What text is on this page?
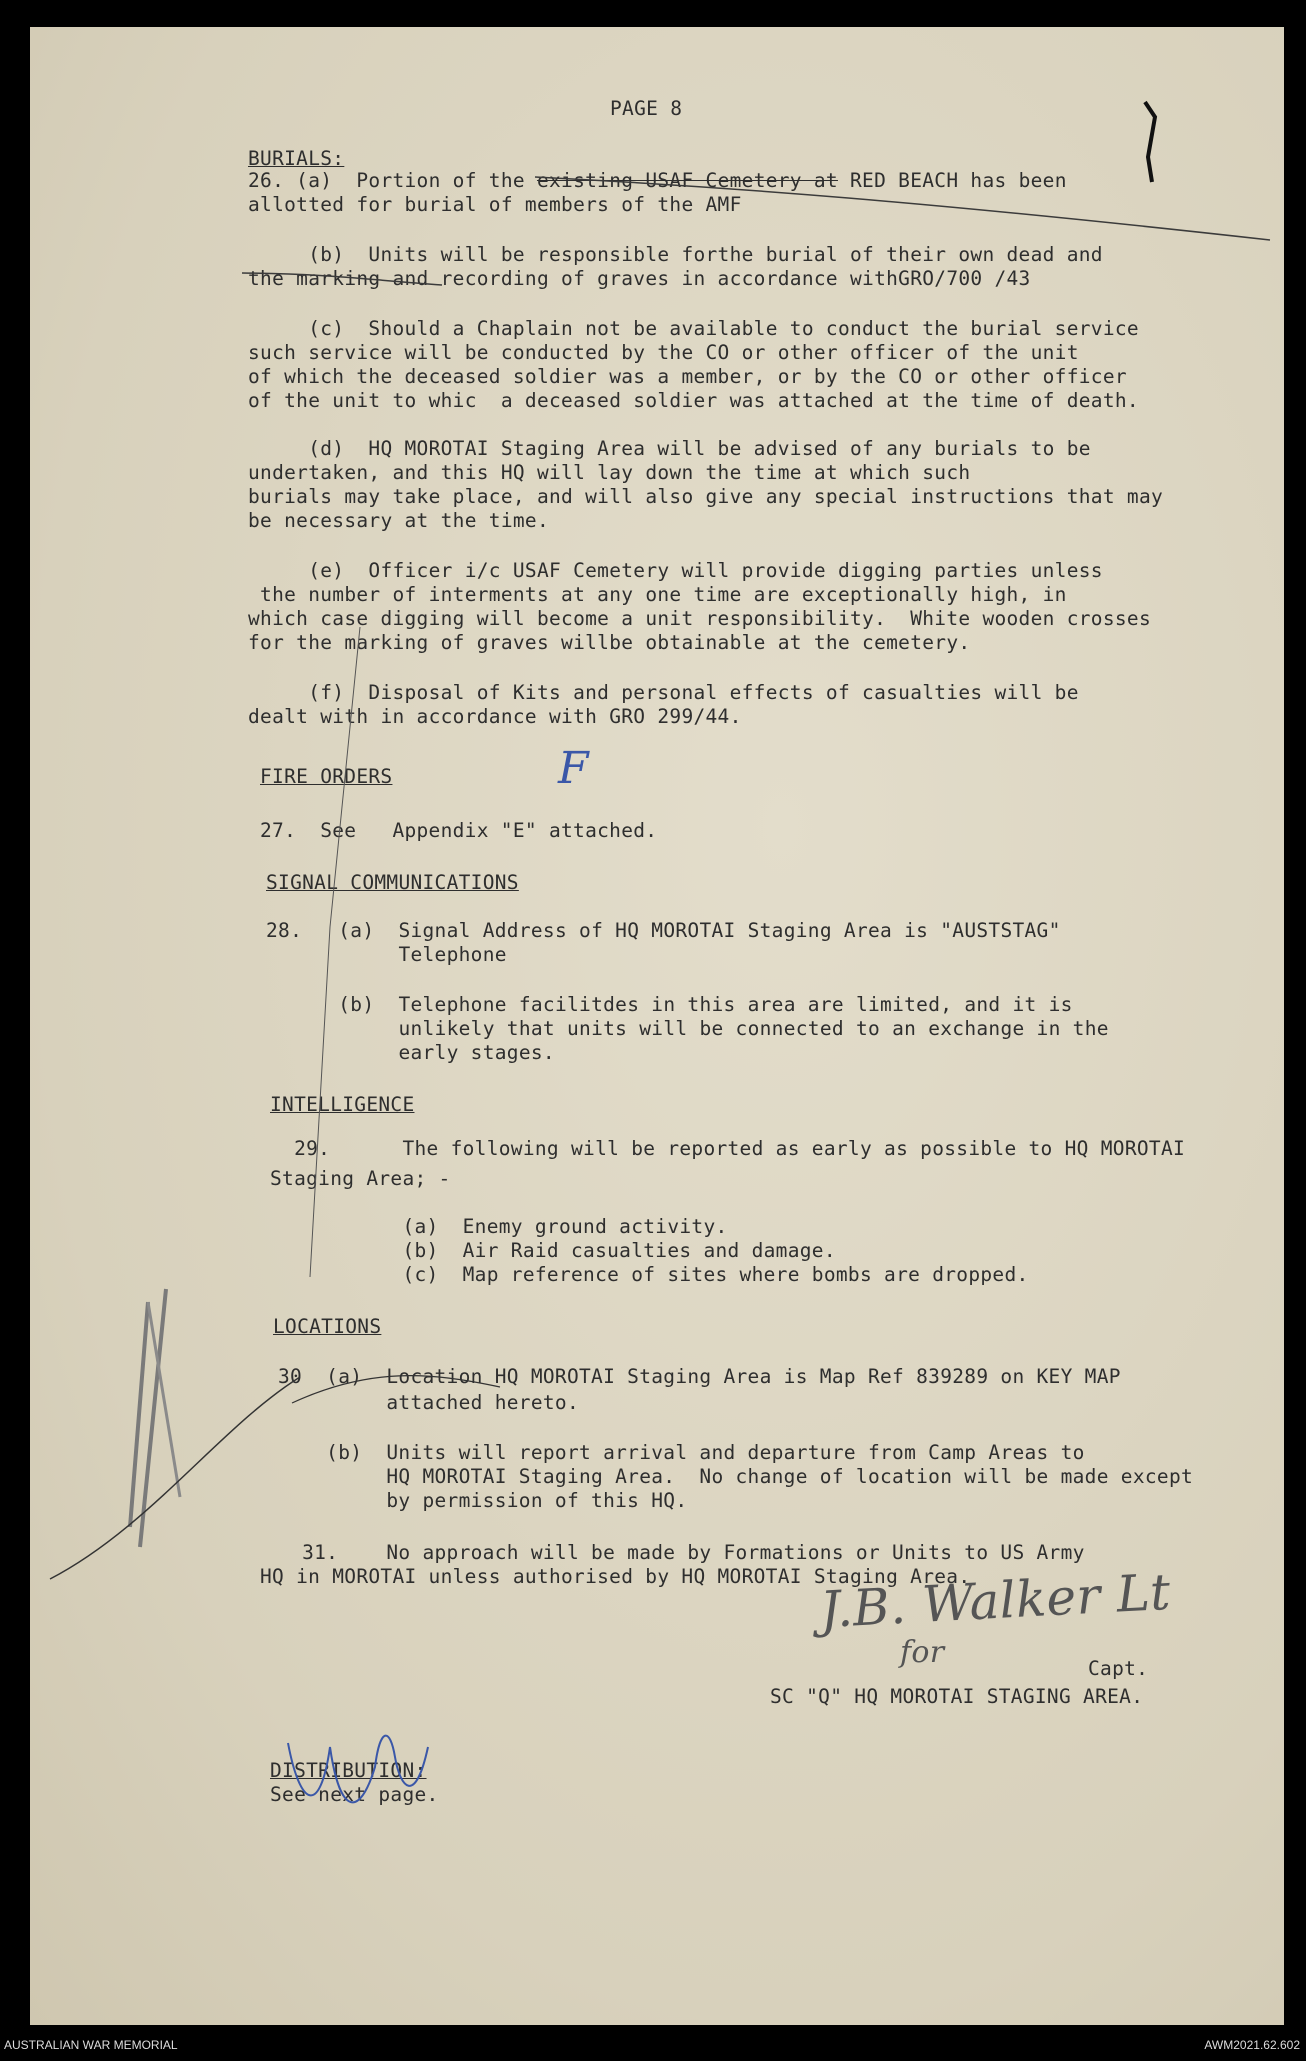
PAGE 8
BURIALS:
26. (a)  Portion of the existing USAF Cemetery at RED BEACH has been
allotted for burial of members of the AMF
(b)  Units will be responsible forthe burial of their own dead and
the marking and recording of graves in accordance withGRO/700 /43
(c)  Should a Chaplain not be available to conduct the burial service
such service will be conducted by the CO or other officer of the unit
of which the deceased soldier was a member, or by the CO or other officer
of the unit to whic  a deceased soldier was attached at the time of death.
(d)  HQ MOROTAI Staging Area will be advised of any burials to be
undertaken, and this HQ will lay down the time at which such
burials may take place, and will also give any special instructions that may
be necessary at the time.
(e)  Officer i/c USAF Cemetery will provide digging parties unless
the number of interments at any one time are exceptionally high, in
which case digging will become a unit responsibility.  White wooden crosses
for the marking of graves willbe obtainable at the cemetery.
(f)  Disposal of Kits and personal effects of casualties will be
dealt with in accordance with GRO 299/44.
FIRE ORDERS
27.  See   Appendix "E" attached.
F
SIGNAL COMMUNICATIONS
28.   (a)  Signal Address of HQ MOROTAI Staging Area is "AUSTSTAG"
Telephone
(b)  Telephone facilitdes in this area are limited, and it is
unlikely that units will be connected to an exchange in the
early stages.
INTELLIGENCE
29.      The following will be reported as early as possible to HQ MOROTAI
Staging Area; -
(a)  Enemy ground activity.
(b)  Air Raid casualties and damage.
(c)  Map reference of sites where bombs are dropped.
LOCATIONS
30  (a)  Location HQ MOROTAI Staging Area is Map Ref 839289 on KEY MAP
attached hereto.
(b)  Units will report arrival and departure from Camp Areas to
HQ MOROTAI Staging Area.  No change of location will be made except
by permission of this HQ.
31.    No approach will be made by Formations or Units to US Army
HQ in MOROTAI unless authorised by HQ MOROTAI Staging Area.
J.B. Walker Lt
for	Capt.
SC "Q" HQ MOROTAI STAGING AREA.
DISTRIBUTION:
See next page.
AUSTRALIAN WAR MEMORIAL	AWM2021.62.602
